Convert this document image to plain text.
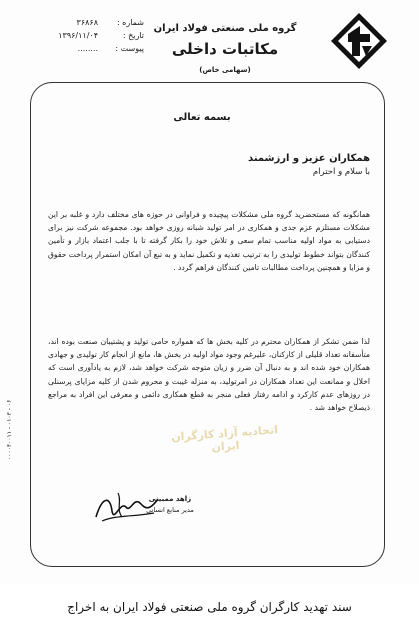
گروه ملی صنعتی فولاد ایران
مکاتبات داخلی
(سهامی خاص)
شماره :
۳۶۸۶۸
تاریخ :
۱۳۹۶/۱۱/۰۴
پیوست :
........
بسمه تعالی
همکاران عزیز و ارزشمند
با سلام و احترام

همانگونه که مستحضرید گروه ملی مشکلات پیچیده و فراوانی در حوزه های مختلف دارد و غلبه بر این مشکلات مستلزم عزم جدی و همکاری در امر تولید شبانه روزی خواهد بود. مجموعه شرکت نیز برای دستیابی به مواد اولیه مناسب تمام سعی و تلاش خود را بکار گرفته تا با جلب اعتماد بازار و تأمین کنندگان بتواند خطوط تولیدی را به ترتیب تغذیه و تکمیل نماید و به تبع آن امکان استمرار پرداخت حقوق و مزایا و همچنین پرداخت مطالبات تامین کنندگان فراهم گردد .

لذا ضمن تشکر از همکاران محترم در کلیه بخش ها که همواره حامی تولید و پشتیبان صنعت بوده اند، متأسفانه تعداد قلیلی از کارکنان، علیرغم وجود مواد اولیه در بخش ها، مانع از انجام کار تولیدی و جهادی همکاران خود شده اند و به دنبال آن ضرر و زیان متوجه شرکت خواهد شد، لازم به یادآوری است که اخلال و ممانعت این تعداد همکاران در امرتولید، به منزله غیبت و محروم شدن از کلیه مزایای پرسنلی در روزهای عدم کارکرد و ادامه رفتار فعلی منجر به قطع همکاری دائمی و معرفی این افراد به مراجع ذیصلاح خواهد شد .

اتحادیه آزاد کارگران ایران
زاهد ممبینی
مدیر منابع انسانی
۰۰۰۰۳۰۰۱۱ - ۰۱۰۳ - ۰۶
سند تهدید کارگران گروه ملی صنعتی فولاد ایران به اخراج
